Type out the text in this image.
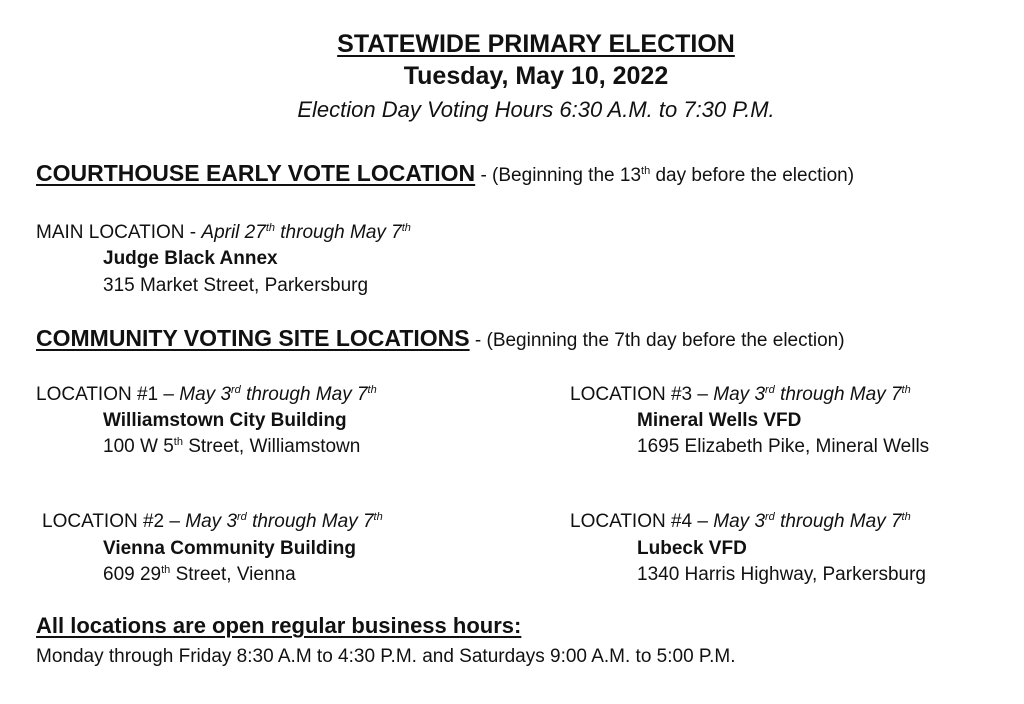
STATEWIDE PRIMARY ELECTION
Tuesday, May 10, 2022
Election Day Voting Hours 6:30 A.M. to 7:30 P.M.
COURTHOUSE EARLY VOTE LOCATION - (Beginning the 13th day before the election)
MAIN LOCATION - April 27th through May 7th
Judge Black Annex
315 Market Street, Parkersburg
COMMUNITY VOTING SITE LOCATIONS - (Beginning the 7th day before the election)
LOCATION #1 – May 3rd through May 7th
Williamstown City Building
100 W 5th Street, Williamstown
LOCATION #3 – May 3rd through May 7th
Mineral Wells VFD
1695 Elizabeth Pike, Mineral Wells
LOCATION #2 – May 3rd through May 7th
Vienna Community Building
609 29th Street, Vienna
LOCATION #4 – May 3rd through May 7th
Lubeck VFD
1340 Harris Highway, Parkersburg
All locations are open regular business hours:
Monday through Friday 8:30 A.M to 4:30 P.M. and Saturdays 9:00 A.M. to 5:00 P.M.
